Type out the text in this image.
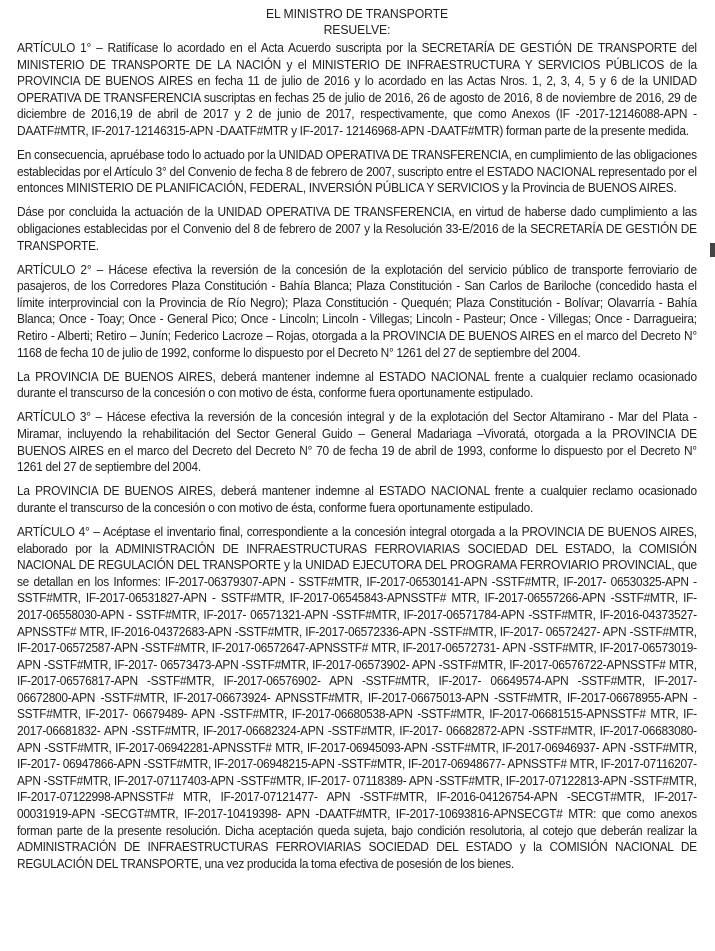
EL MINISTRO DE TRANSPORTE
RESUELVE:

ARTÍCULO 1° – Ratifícase lo acordado en el Acta Acuerdo suscripta por la SECRETARÍA DE GESTIÓN DE TRANSPORTE del MINISTERIO DE TRANSPORTE DE LA NACIÓN y el MINISTERIO DE INFRAESTRUCTURA Y SERVICIOS PÚBLICOS de la PROVINCIA DE BUENOS AIRES en fecha 11 de julio de 2016 y lo acordado en las Actas Nros. 1, 2, 3, 4, 5 y 6 de la UNIDAD OPERATIVA DE TRANSFERENCIA suscriptas en fechas 25 de julio de 2016, 26 de agosto de 2016, 8 de noviembre de 2016, 29 de diciembre de 2016,19 de abril de 2017 y 2 de junio de 2017, respectivamente, que como Anexos (IF -2017-12146088-APN -DAATF#MTR, IF-2017-12146315-APN -DAATF#MTR y IF-2017- 12146968-APN -DAATF#MTR) forman parte de la presente medida.

En consecuencia, apruébase todo lo actuado por la UNIDAD OPERATIVA DE TRANSFERENCIA, en cumplimiento de las obligaciones establecidas por el Artículo 3° del Convenio de fecha 8 de febrero de 2007, suscripto entre el ESTADO NACIONAL representado por el entonces MINISTERIO DE PLANIFICACIÓN, FEDERAL, INVERSIÓN PÚBLICA Y SERVICIOS y la Provincia de BUENOS AIRES.

Dáse por concluida la actuación de la UNIDAD OPERATIVA DE TRANSFERENCIA, en virtud de haberse dado cumplimiento a las obligaciones establecidas por el Convenio del 8 de febrero de 2007 y la Resolución 33-E/2016 de la SECRETARÍA DE GESTIÓN DE TRANSPORTE.

ARTÍCULO 2° – Hácese efectiva la reversión de la concesión de la explotación del servicio público de transporte ferroviario de pasajeros, de los Corredores Plaza Constitución - Bahía Blanca; Plaza Constitución - San Carlos de Bariloche (concedido hasta el límite interprovincial con la Provincia de Río Negro); Plaza Constitución - Quequén; Plaza Constitución - Bolívar; Olavarría - Bahía Blanca; Once - Toay; Once - General Pico; Once - Lincoln; Lincoln - Villegas; Lincoln - Pasteur; Once - Villegas; Once - Darragueira; Retiro - Alberti; Retiro – Junín; Federico Lacroze – Rojas, otorgada a la PROVINCIA DE BUENOS AIRES en el marco del Decreto N° 1168 de fecha 10 de julio de 1992, conforme lo dispuesto por el Decreto N° 1261 del 27 de septiembre del 2004.

La PROVINCIA DE BUENOS AIRES, deberá mantener indemne al ESTADO NACIONAL frente a cualquier reclamo ocasionado durante el transcurso de la concesión o con motivo de ésta, conforme fuera oportunamente estipulado.

ARTÍCULO 3° – Hácese efectiva la reversión de la concesión integral y de la explotación del Sector Altamirano - Mar del Plata - Miramar, incluyendo la rehabilitación del Sector General Guido – General Madariaga –Vivoratá, otorgada a la PROVINCIA DE BUENOS AIRES en el marco del Decreto del Decreto N° 70 de fecha 19 de abril de 1993, conforme lo dispuesto por el Decreto N° 1261 del 27 de septiembre del 2004.

La PROVINCIA DE BUENOS AIRES, deberá mantener indemne al ESTADO NACIONAL frente a cualquier reclamo ocasionado durante el transcurso de la concesión o con motivo de ésta, conforme fuera oportunamente estipulado.

ARTÍCULO 4° – Acéptase el inventario final, correspondiente a la concesión integral otorgada a la PROVINCIA DE BUENOS AIRES, elaborado por la ADMINISTRACIÓN DE INFRAESTRUCTURAS FERROVIARIAS SOCIEDAD DEL ESTADO, la COMISIÓN NACIONAL DE REGULACIÓN DEL TRANSPORTE y la UNIDAD EJECUTORA DEL PROGRAMA FERROVIARIO PROVINCIAL, que se detallan en los Informes: IF-2017-06379307-APN - SSTF#MTR, IF-2017-06530141-APN -SSTF#MTR, IF-2017- 06530325-APN -SSTF#MTR, IF-2017-06531827-APN - SSTF#MTR, IF-2017-06545843-APNSSTF# MTR, IF-2017-06557266-APN -SSTF#MTR, IF-2017-06558030-APN - SSTF#MTR, IF-2017- 06571321-APN -SSTF#MTR, IF-2017-06571784-APN -SSTF#MTR, IF-2016-04373527- APNSSTF# MTR, IF-2016-04372683-APN -SSTF#MTR, IF-2017-06572336-APN -SSTF#MTR, IF-2017- 06572427- APN -SSTF#MTR, IF-2017-06572587-APN -SSTF#MTR, IF-2017-06572647-APNSSTF# MTR, IF-2017-06572731- APN -SSTF#MTR, IF-2017-06573019-APN -SSTF#MTR, IF-2017- 06573473-APN -SSTF#MTR, IF-2017-06573902- APN -SSTF#MTR, IF-2017-06576722-APNSSTF# MTR, IF-2017-06576817-APN -SSTF#MTR, IF-2017-06576902- APN -SSTF#MTR, IF-2017- 06649574-APN -SSTF#MTR, IF-2017-06672800-APN -SSTF#MTR, IF-2017-06673924- APNSSTF#MTR, IF-2017-06675013-APN -SSTF#MTR, IF-2017-06678955-APN -SSTF#MTR, IF-2017- 06679489- APN -SSTF#MTR, IF-2017-06680538-APN -SSTF#MTR, IF-2017-06681515-APNSSTF# MTR, IF-2017-06681832- APN -SSTF#MTR, IF-2017-06682324-APN -SSTF#MTR, IF-2017- 06682872-APN -SSTF#MTR, IF-2017-06683080- APN -SSTF#MTR, IF-2017-06942281-APNSSTF# MTR, IF-2017-06945093-APN -SSTF#MTR, IF-2017-06946937- APN -SSTF#MTR, IF-2017- 06947866-APN -SSTF#MTR, IF-2017-06948215-APN -SSTF#MTR, IF-2017-06948677- APNSSTF# MTR, IF-2017-07116207-APN -SSTF#MTR, IF-2017-07117403-APN -SSTF#MTR, IF-2017- 07118389- APN -SSTF#MTR, IF-2017-07122813-APN -SSTF#MTR, IF-2017-07122998-APNSSTF# MTR, IF-2017-07121477- APN -SSTF#MTR, IF-2016-04126754-APN -SECGT#MTR, IF-2017-00031919-APN -SECGT#MTR, IF-2017-10419398- APN -DAATF#MTR, IF-2017-10693816-APNSECGT# MTR: que como anexos forman parte de la presente resolución. Dicha aceptación queda sujeta, bajo condición resolutoria, al cotejo que deberán realizar la ADMINISTRACIÓN DE INFRAESTRUCTURAS FERROVIARIAS SOCIEDAD DEL ESTADO y la COMISIÓN NACIONAL DE REGULACIÓN DEL TRANSPORTE, una vez producida la toma efectiva de posesión de los bienes.
